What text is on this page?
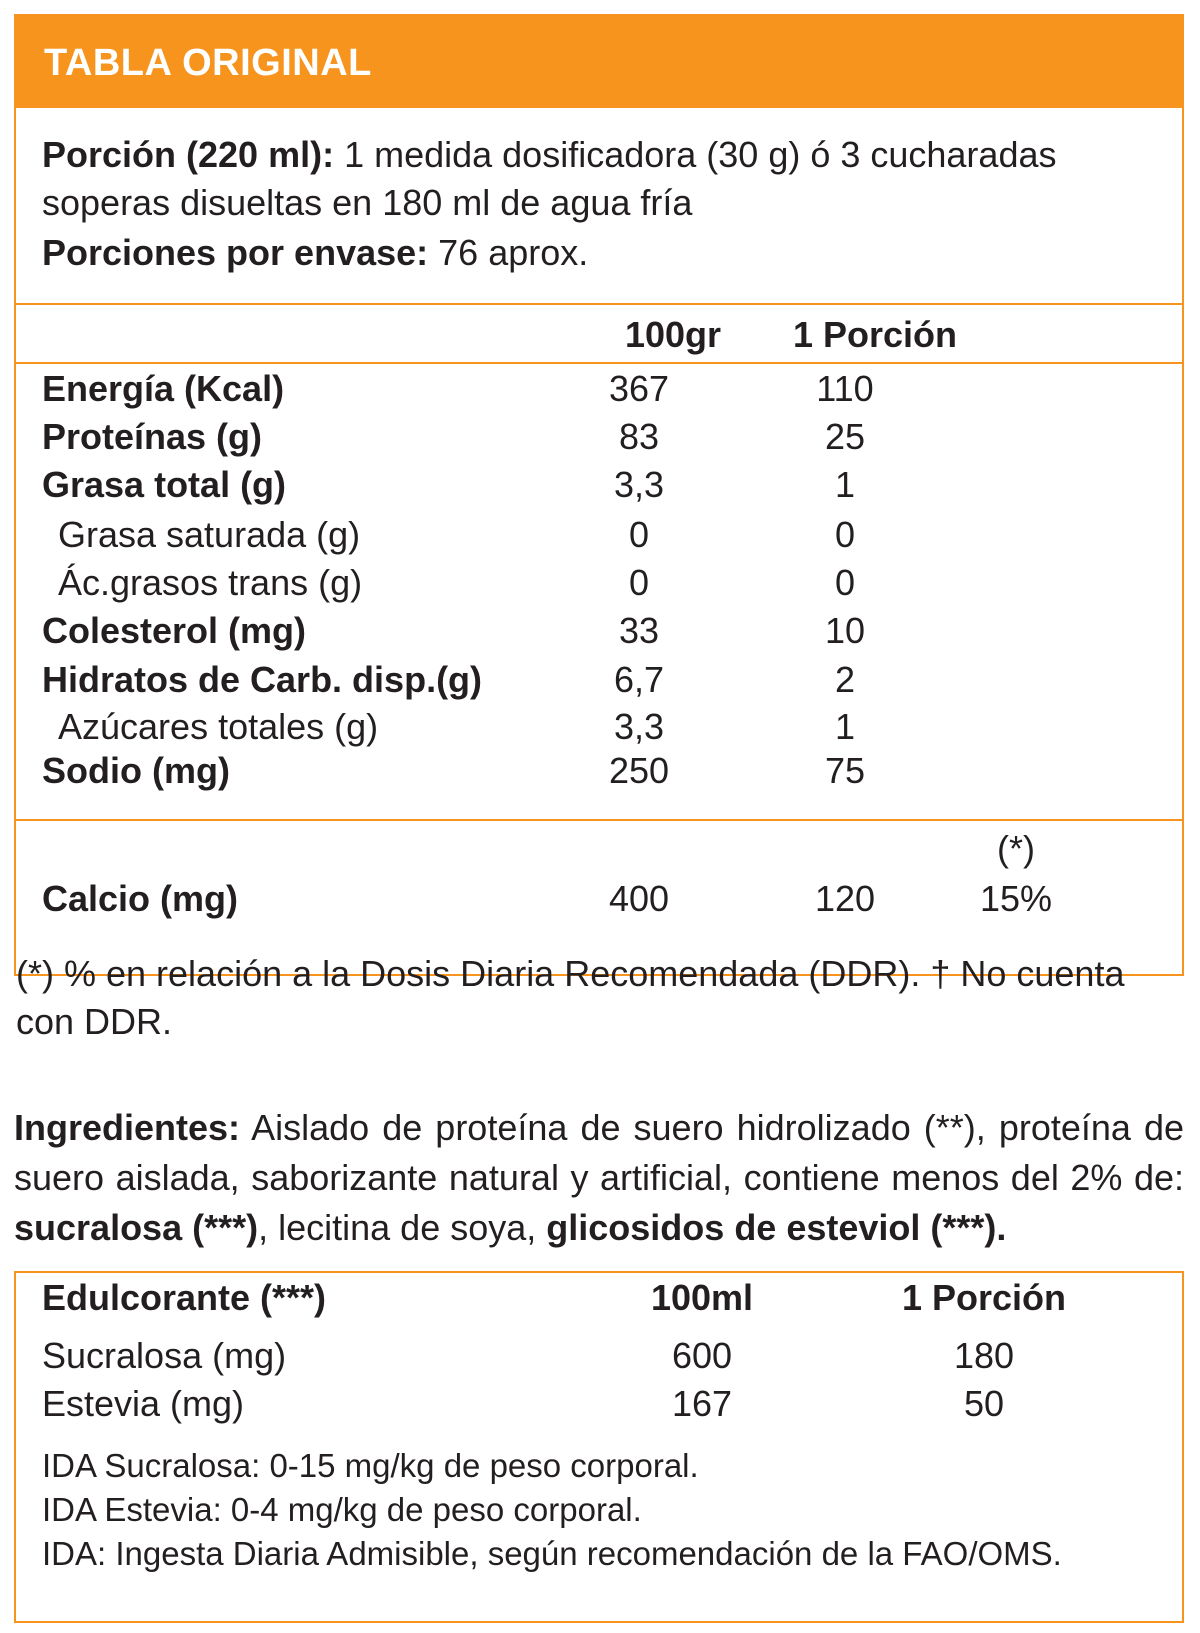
TABLA ORIGINAL
Porción (220 ml): 1 medida dosificadora (30 g) ó 3 cucharadas
soperas disueltas en 180 ml de agua fría
Porciones por envase: 76 aprox.
100gr	1 Porción
Energía (Kcal)	367	110
Proteínas (g)	83	25
Grasa total (g)	3,3	1
Grasa saturada (g)	0	0
Ác.grasos trans (g)	0	0
Colesterol (mg)	33	10
Hidratos de Carb. disp.(g)	6,7	2
Azúcares totales (g)	3,3	1
Sodio (mg)	250	75
(*)
Calcio (mg)	400	120	15%
(*) % en relación a la Dosis Diaria Recomendada (DDR). † No cuenta
con DDR.
Ingredientes: Aislado de proteína de suero hidrolizado (**), proteína de suero aislada, saborizante natural y artificial, contiene menos del 2% de: sucralosa (***), lecitina de soya, glicosidos de esteviol (***).
Edulcorante (***)	100ml	1 Porción
Sucralosa (mg)	600	180
Estevia (mg)	167	50
IDA Sucralosa: 0-15 mg/kg de peso corporal.
IDA Estevia: 0-4 mg/kg de peso corporal.
IDA: Ingesta Diaria Admisible, según recomendación de la FAO/OMS.
